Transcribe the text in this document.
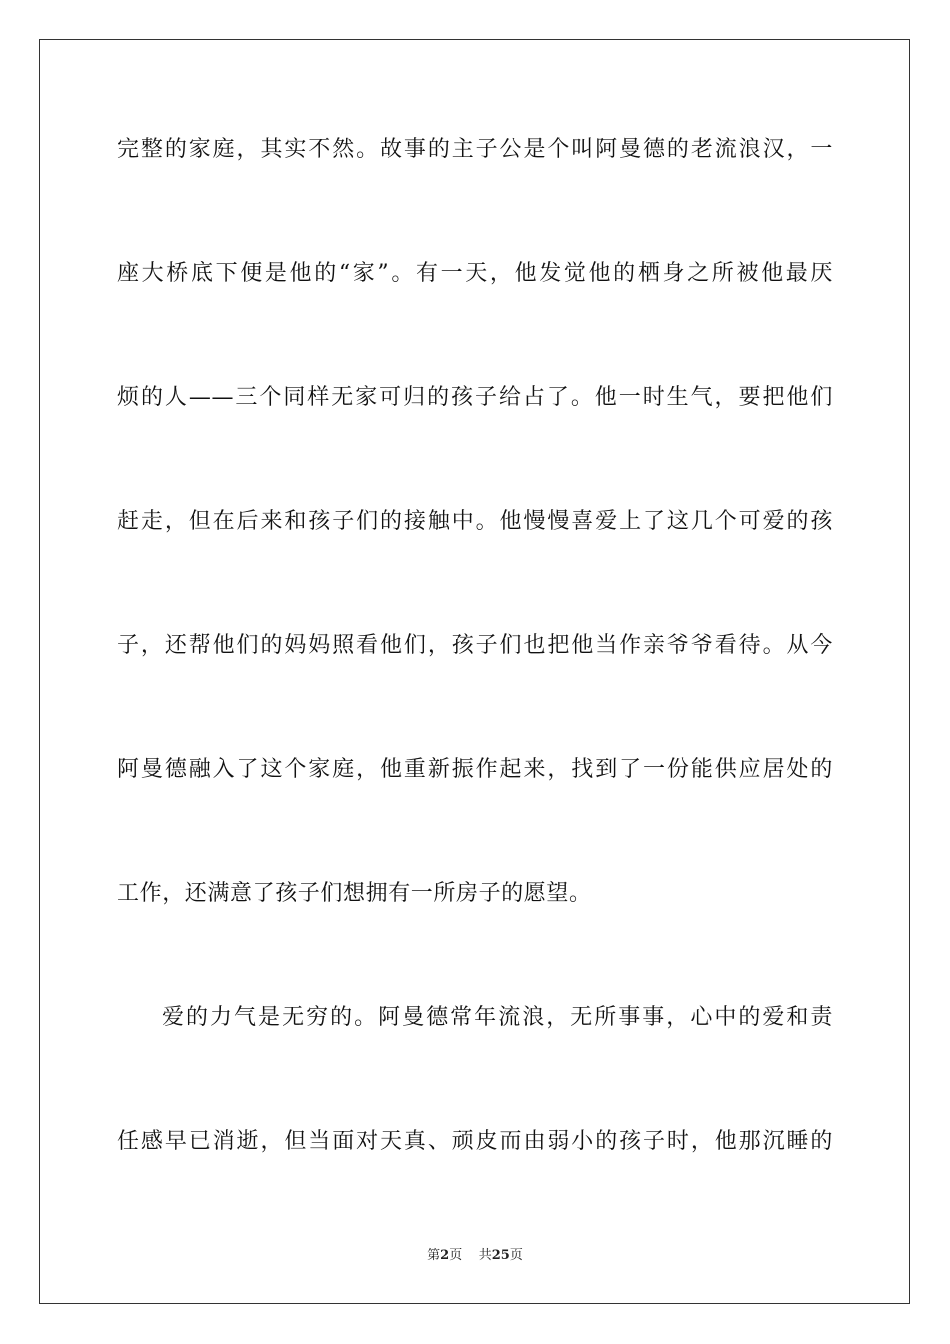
完整的家庭，其实不然。故事的主子公是个叫阿曼德的老流浪汉，一

座大桥底下便是他的“家”。有一天，他发觉他的栖身之所被他最厌

烦的人——三个同样无家可归的孩子给占了。他一时生气，要把他们

赶走，但在后来和孩子们的接触中。他慢慢喜爱上了这几个可爱的孩

子，还帮他们的妈妈照看他们，孩子们也把他当作亲爷爷看待。从今

阿曼德融入了这个家庭，他重新振作起来，找到了一份能供应居处的

工作，还满意了孩子们想拥有一所房子的愿望。

爱的力气是无穷的。阿曼德常年流浪，无所事事，心中的爱和责

任感早已消逝，但当面对天真、顽皮而由弱小的孩子时，他那沉睡的

第2页 共25页
